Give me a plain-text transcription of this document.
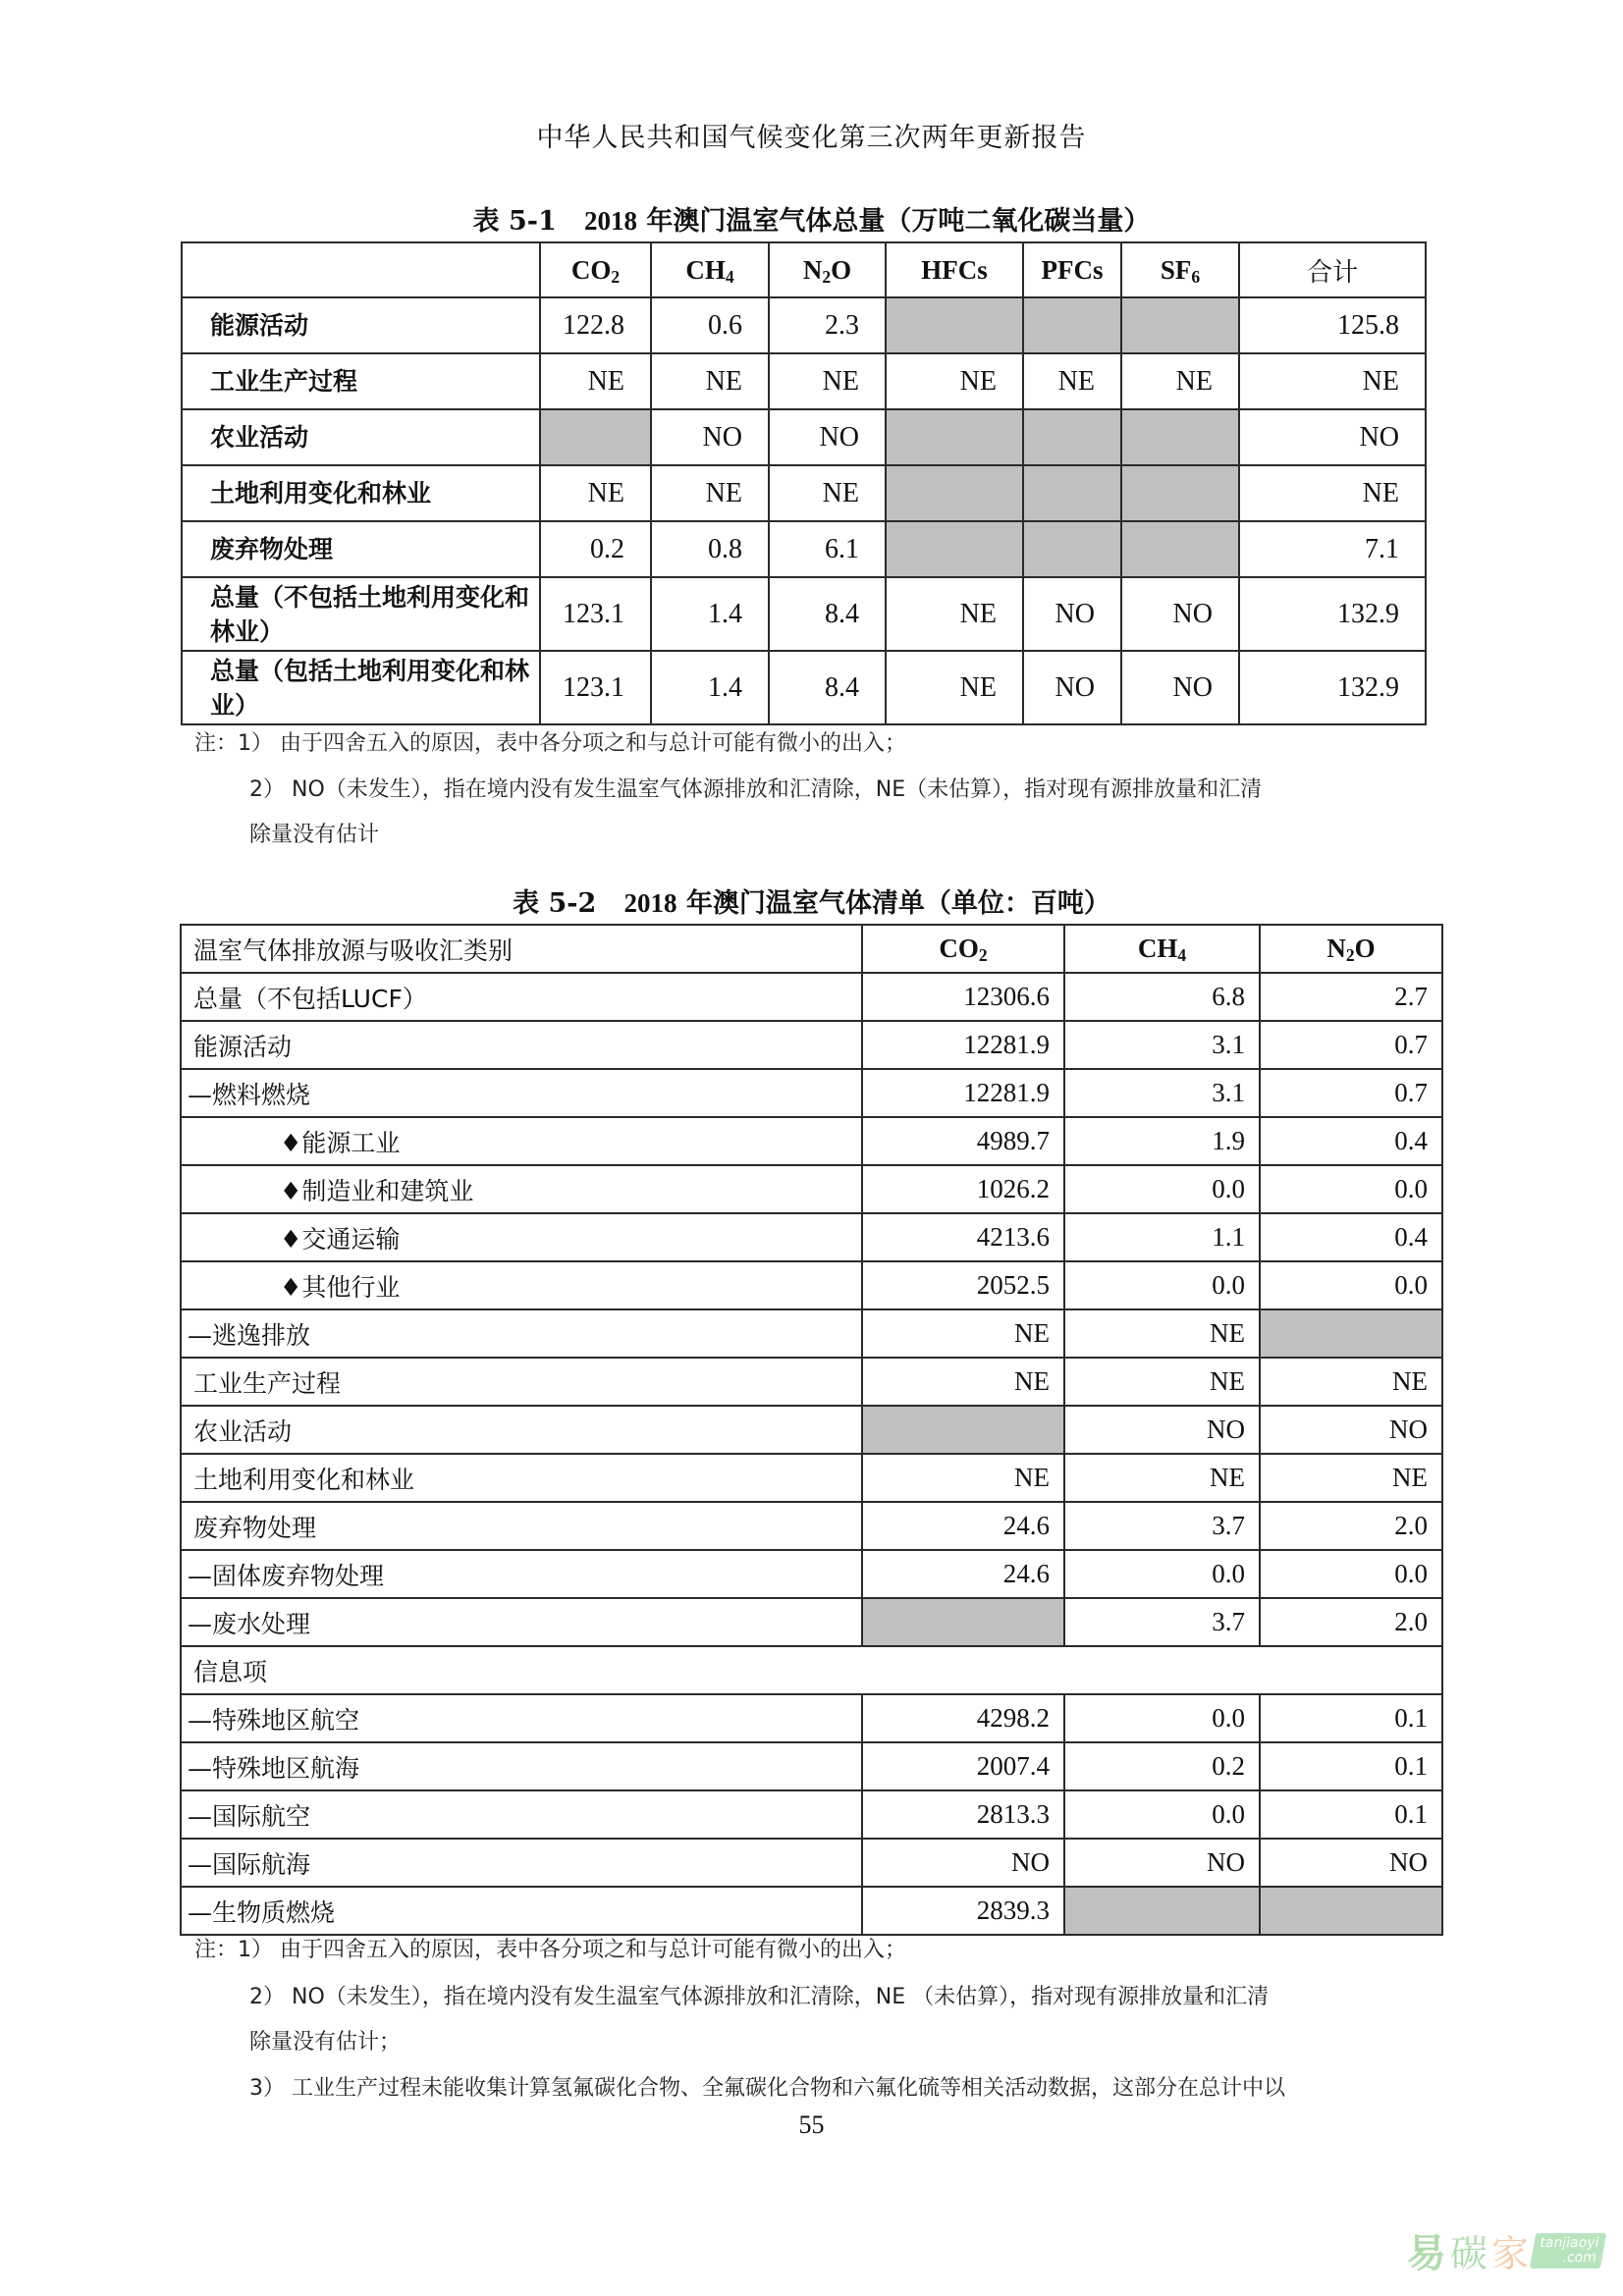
中华人民共和国气候变化第三次两年更新报告
表 5-1 2018 年澳门温室气体总量（万吨二氧化碳当量）
	$CO_2$	$CH_4$	$N_2O$	HFCs	PFCs	$SF_6$	合计
能源活动	122.8	0.6	2.3				125.8
工业生产过程	NE	NE	NE	NE	NE	NE	NE
农业活动		NO	NO				NO
土地利用变化和林业	NE	NE	NE				NE
废弃物处理	0.2	0.8	6.1				7.1
总量（不包括土地利用变化和林业）	123.1	1.4	8.4	NE	NO	NO	132.9
总量（包括土地利用变化和林业）	123.1	1.4	8.4	NE	NO	NO	132.9
注：1） 由于四舍五入的原因，表中各分项之和与总计可能有微小的出入；
2） NO（未发生），指在境内没有发生温室气体源排放和汇清除，NE（未估算），指对现有源排放量和汇清
除量没有估计
表 5-2 2018 年澳门温室气体清单（单位：百吨）
温室气体排放源与吸收汇类别	$CO_2$	$CH_4$	$N_2O$
总量（不包括LUCF）	12306.6	6.8	2.7
能源活动	12281.9	3.1	0.7
—燃料燃烧	12281.9	3.1	0.7
♦能源工业	4989.7	1.9	0.4
♦制造业和建筑业	1026.2	0.0	0.0
♦交通运输	4213.6	1.1	0.4
♦其他行业	2052.5	0.0	0.0
—逃逸排放	NE	NE	
工业生产过程	NE	NE	NE
农业活动		NO	NO
土地利用变化和林业	NE	NE	NE
废弃物处理	24.6	3.7	2.0
—固体废弃物处理	24.6	0.0	0.0
—废水处理		3.7	2.0
信息项			
—特殊地区航空	4298.2	0.0	0.1
—特殊地区航海	2007.4	0.2	0.1
—国际航空	2813.3	0.0	0.1
—国际航海	NO	NO	NO
—生物质燃烧	2839.3		
注：1） 由于四舍五入的原因，表中各分项之和与总计可能有微小的出入；
2） NO（未发生），指在境内没有发生温室气体源排放和汇清除，NE （未估算），指对现有源排放量和汇清
除量没有估计；
3） 工业生产过程未能收集计算氢氟碳化合物、全氟碳化合物和六氟化硫等相关活动数据，这部分在总计中以
55
易 碳 家 tanjiaoyi
.com
